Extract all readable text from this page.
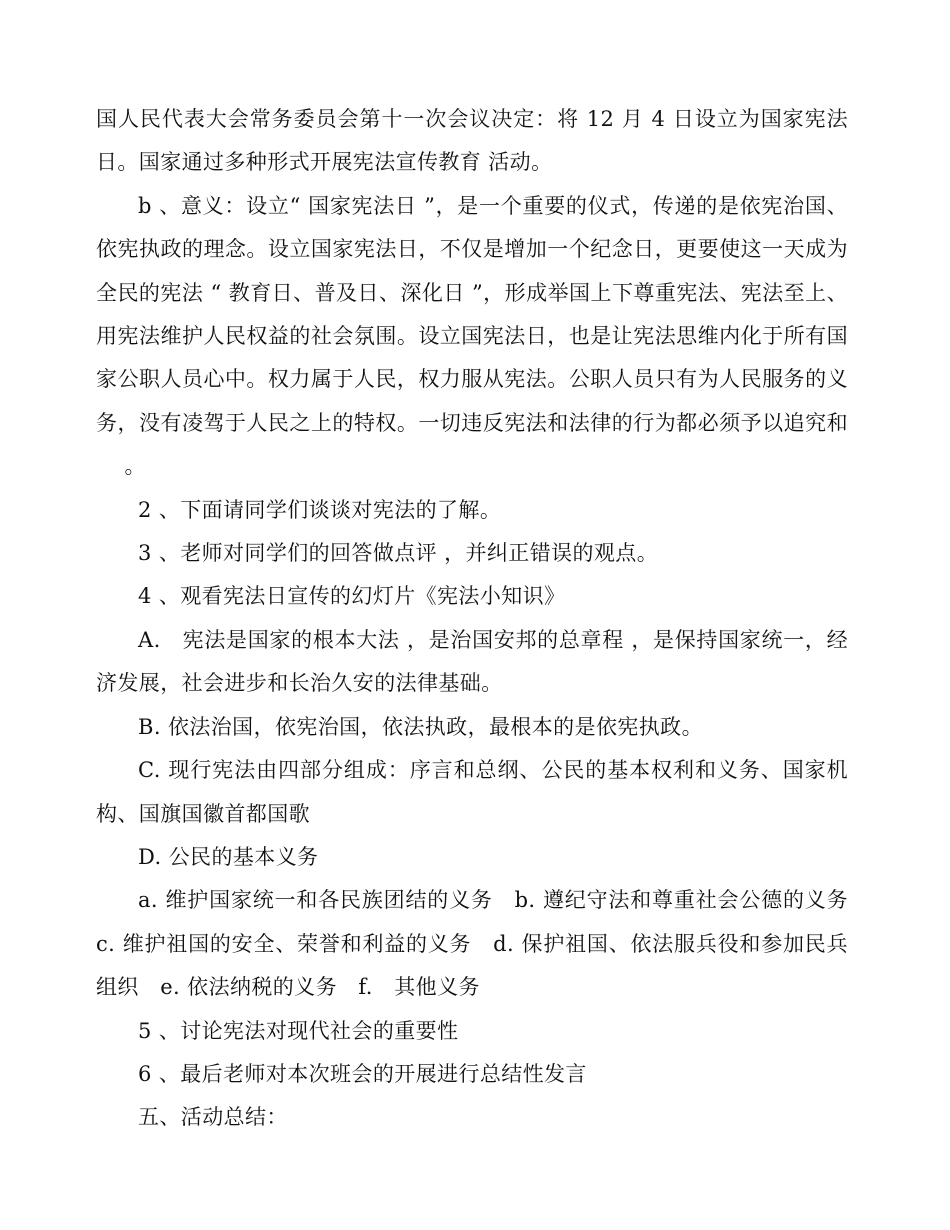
国人民代表大会常务委员会第十一次会议决定：将 12 月 4 日设立为国家宪法日。国家通过多种形式开展宪法宣传教育 活动。

b 、意义：设立“ 国家宪法日 ”，是一个重要的仪式，传递的是依宪治国、依宪执政的理念。设立国家宪法日，不仅是增加一个纪念日，更要使这一天成为全民的宪法 “ 教育日、普及日、深化日 ”，形成举国上下尊重宪法、宪法至上、用宪法维护人民权益的社会氛围。设立国宪法日，也是让宪法思维内化于所有国家公职人员心中。权力属于人民，权力服从宪法。公职人员只有为人民服务的义务，没有凌驾于人民之上的特权。一切违反宪法和法律的行为都必须予以追究和 　 。

2 、下面请同学们谈谈对宪法的了解。

3 、老师对同学们的回答做点评 ，并纠正错误的观点。

4 、观看宪法日宣传的幻灯片《宪法小知识》

A.　宪法是国家的根本大法 ，是治国安邦的总章程 ，是保持国家统一，经济发展，社会进步和长治久安的法律基础。

B. 依法治国，依宪治国，依法执政，最根本的是依宪执政。

C. 现行宪法由四部分组成：序言和总纲、公民的基本权利和义务、国家机构、国旗国徽首都国歌

D. 公民的基本义务

a. 维护国家统一和各民族团结的义务　b. 遵纪守法和尊重社会公德的义务　c. 维护祖国的安全、荣誉和利益的义务　d. 保护祖国、依法服兵役和参加民兵组织　e. 依法纳税的义务　f.　其他义务

5 、讨论宪法对现代社会的重要性

6 、最后老师对本次班会的开展进行总结性发言

五、活动总结：
